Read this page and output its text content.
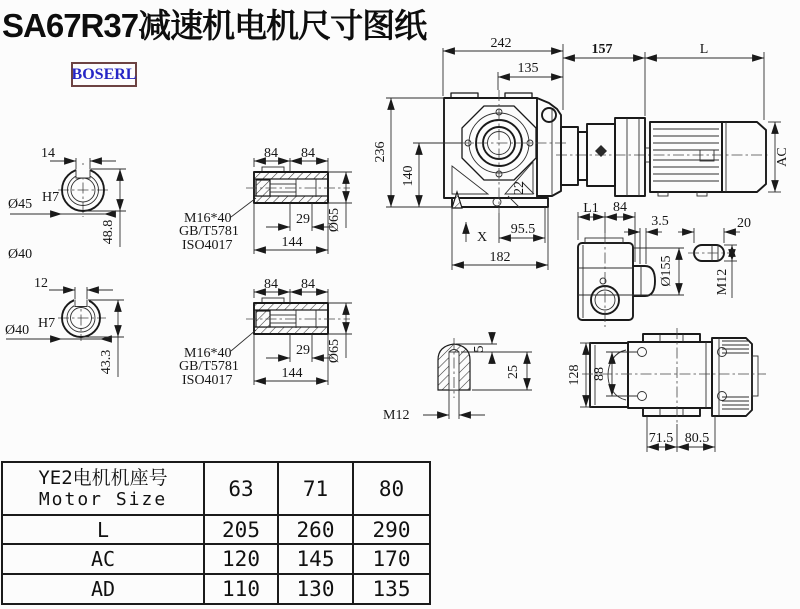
SA67R37减速机电机尺寸图纸
BOSERL
14
Ø45 H7
48.8
Ø40
12
Ø40 H7
43.3
84 84
29
144
Ø65
M16*40
GB/T5781
ISO4017
84 84
29
144
Ø65
M16*40
GB/T5781
ISO4017
242
135
236
140
95.5
182
X
22
157	L
AC
L1 84
3.5	20
M12
Ø155
128 88
71.5 80.5
5
25
M12
YE2电机机座号
Motor Size	63	71	80
L	205	260	290
AC	120	145	170
AD	110	130	135
